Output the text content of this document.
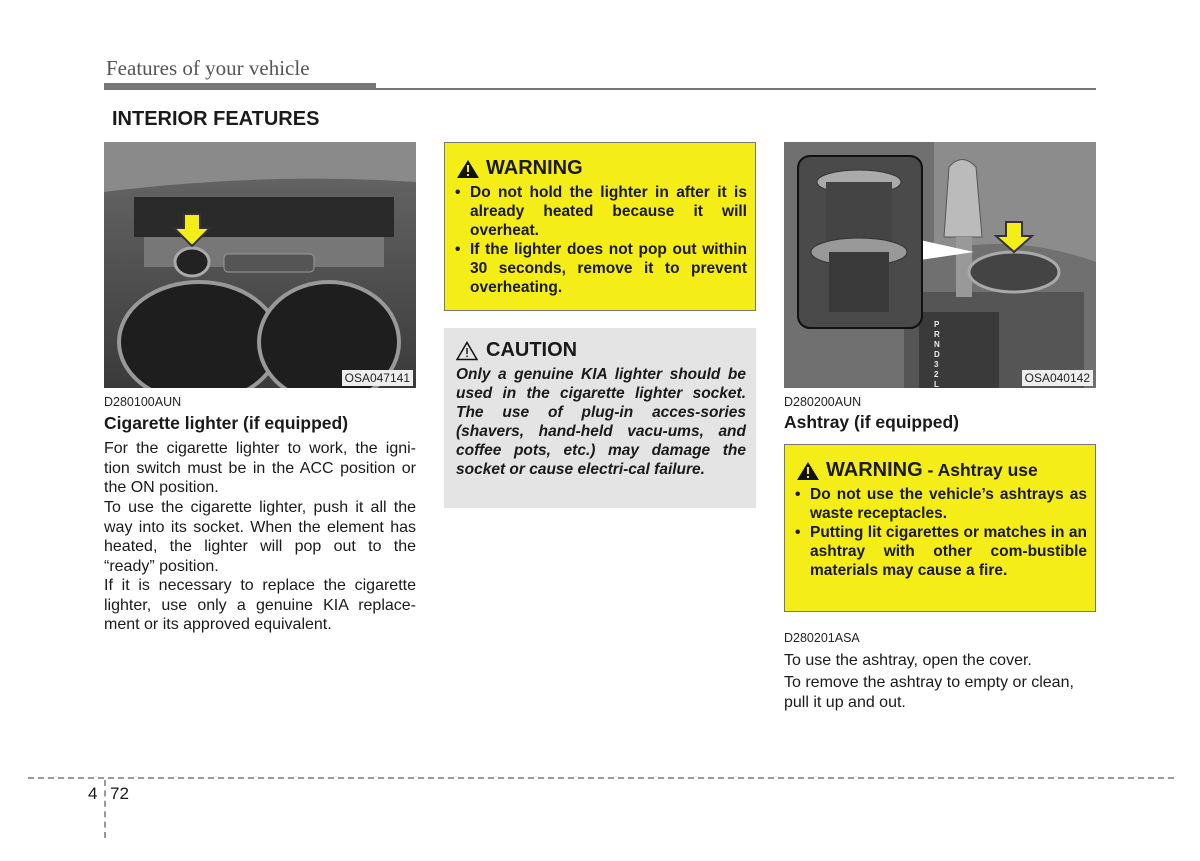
Features of your vehicle
INTERIOR FEATURES
OSA047141
D280100AUN
Cigarette lighter (if equipped)

For the cigarette lighter to work, the igni-tion switch must be in the ACC position or the ON position.

To use the cigarette lighter, push it all the way into its socket. When the element has heated, the lighter will pop out to the “ready” position.

If it is necessary to replace the cigarette lighter, use only a genuine KIA replace-ment or its approved equivalent.

WARNING
• Do not hold the lighter in after it is already heated because it will overheat.
• If the lighter does not pop out within 30 seconds, remove it to prevent overheating.
CAUTION

Only a genuine KIA lighter should be used in the cigarette lighter socket. The use of plug-in acces-sories (shavers, hand-held vacu-ums, and coffee pots, etc.) may damage the socket or cause electri-cal failure.

P
R
N
D
3
2
L	OSA040142
D280200AUN
Ashtray (if equipped)
WARNING - Ashtray use
• Do not use the vehicle’s ashtrays as waste receptacles.
• Putting lit cigarettes or matches in an ashtray with other com-bustible materials may cause a fire.
D280201ASA

To use the ashtray, open the cover.

To remove the ashtray to empty or clean, pull it up and out.

4 72
